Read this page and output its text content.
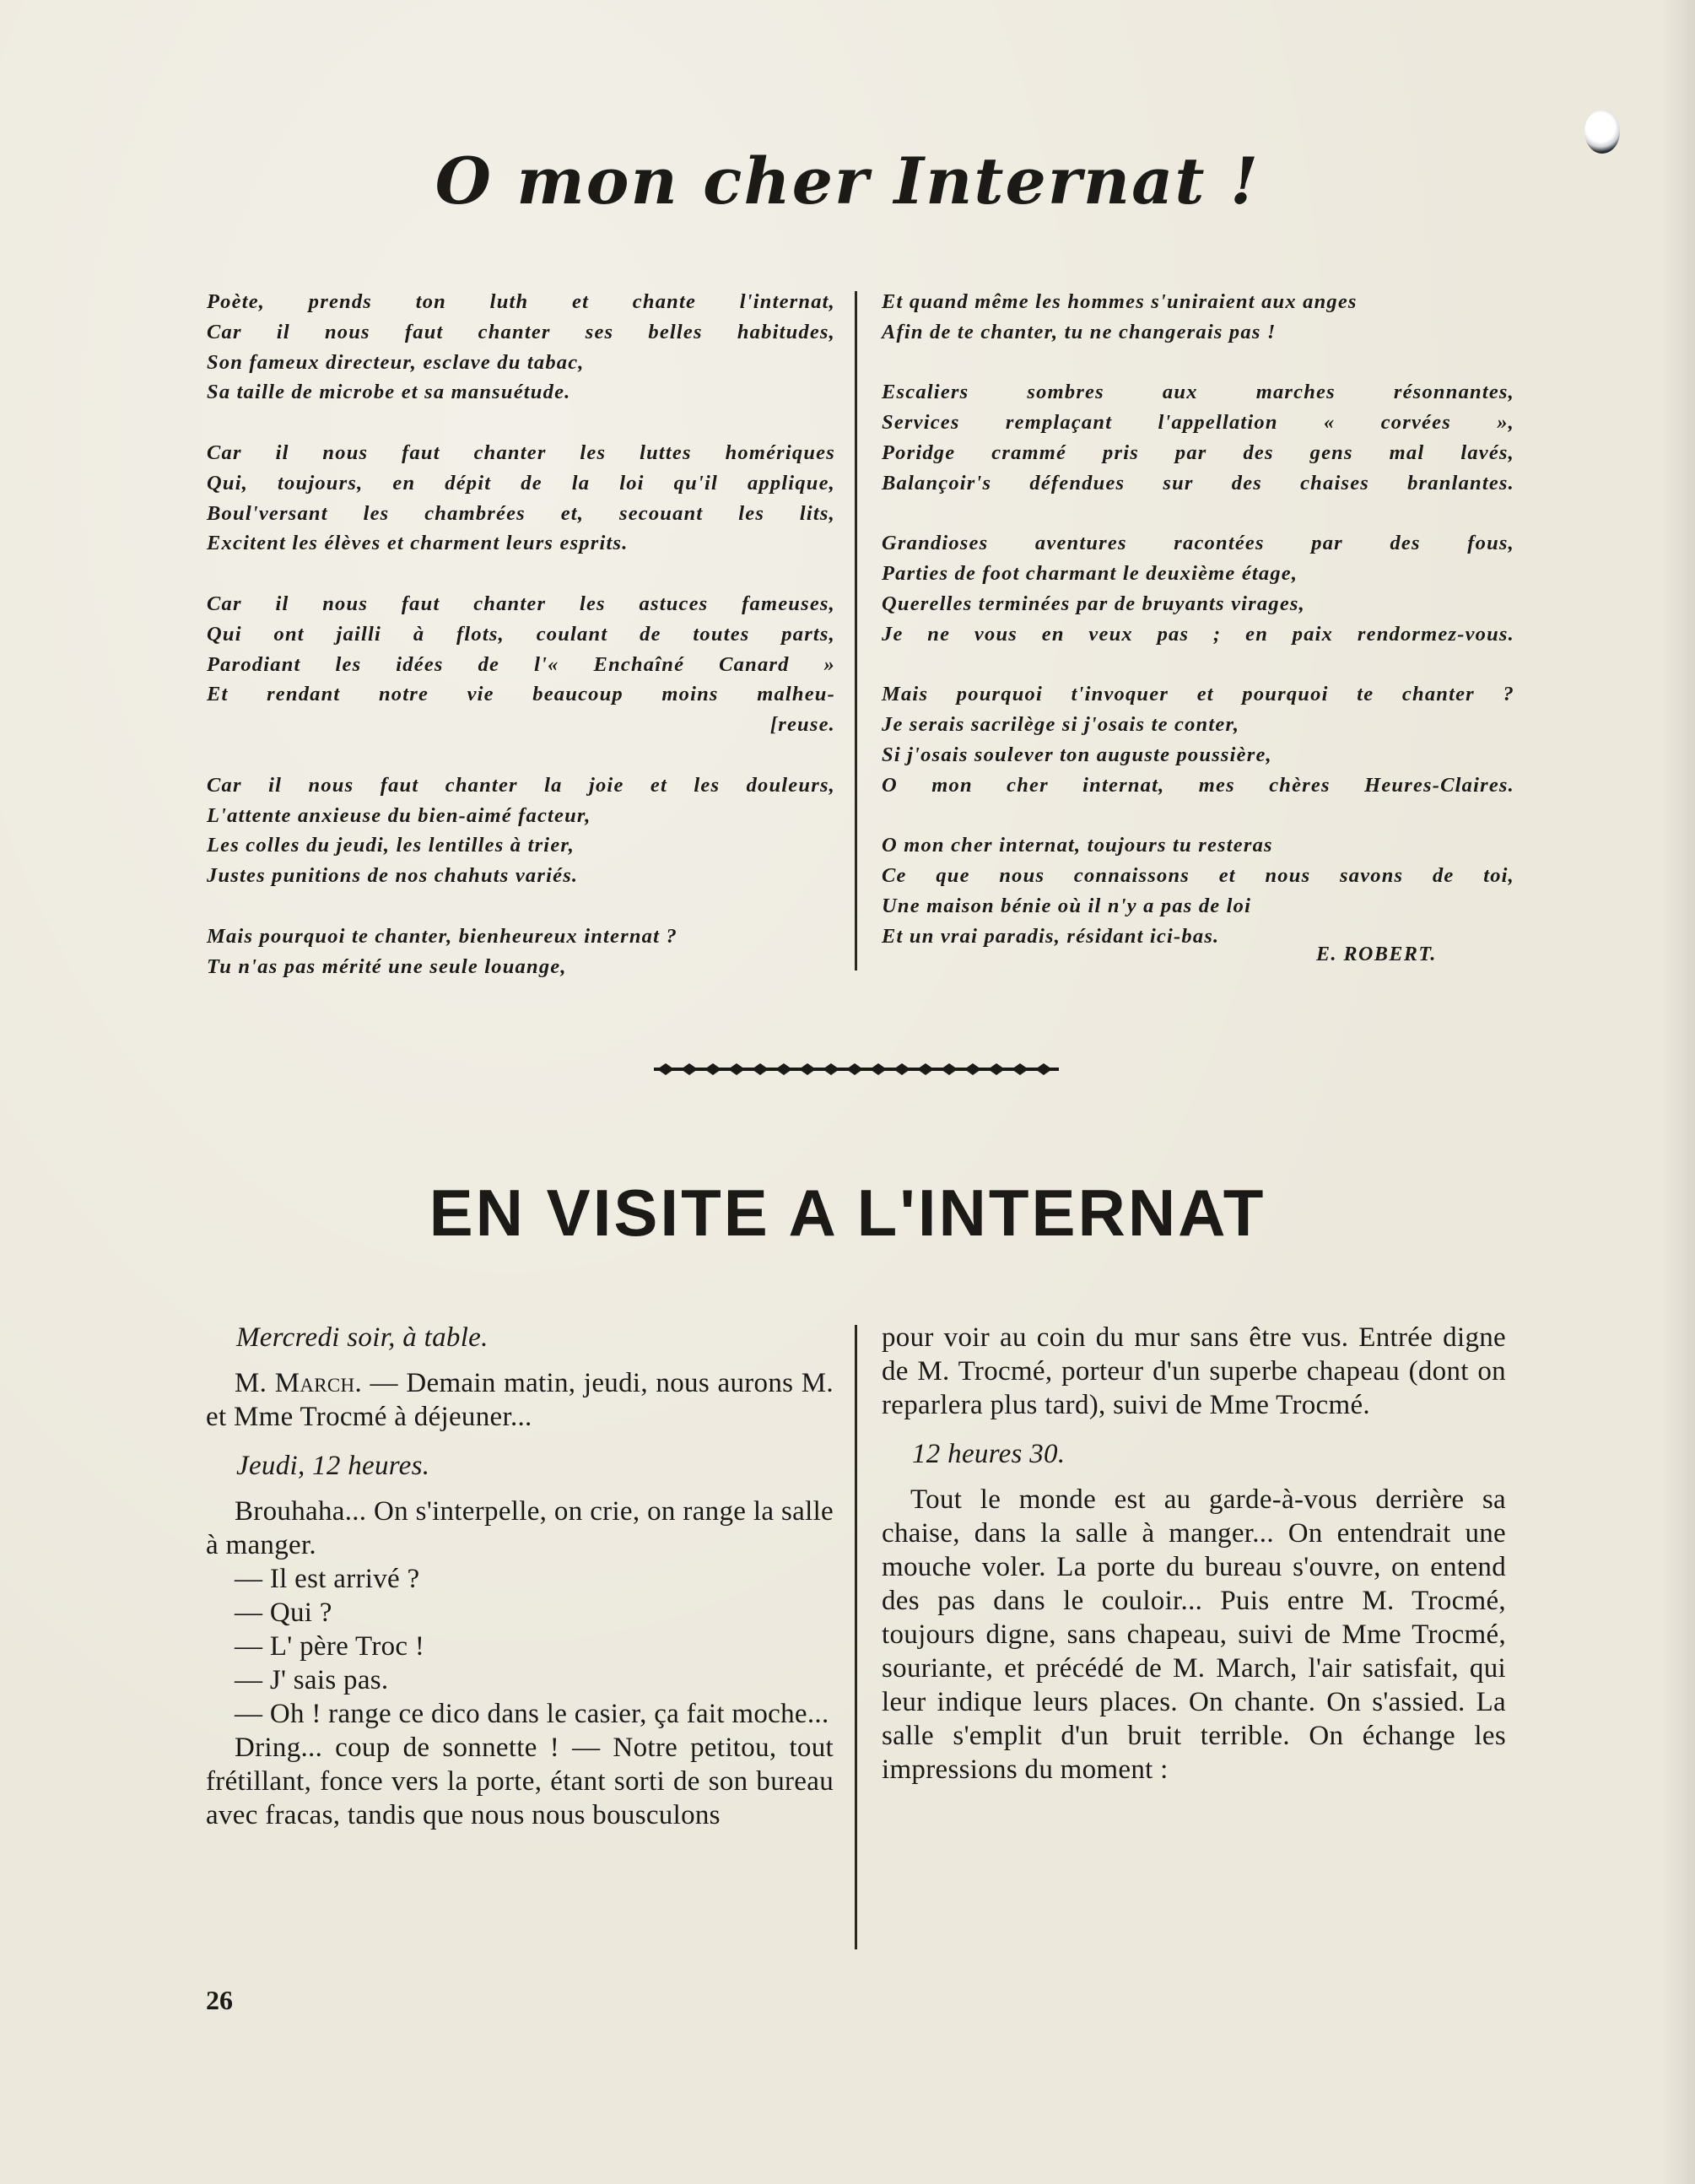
O mon cher Internat !
Poète, prends ton luth et chante l'internat,
Car il nous faut chanter ses belles habitudes,
Son fameux directeur, esclave du tabac,
Sa taille de microbe et sa mansuétude.
Car il nous faut chanter les luttes homériques
Qui, toujours, en dépit de la loi qu'il applique,
Boul'versant les chambrées et, secouant les lits,
Excitent les élèves et charment leurs esprits.
Car il nous faut chanter les astuces fameuses,
Qui ont jailli à flots, coulant de toutes parts,
Parodiant les idées de l'« Enchaîné Canard »
Et rendant notre vie beaucoup moins malheu-
[reuse.
Car il nous faut chanter la joie et les douleurs,
L'attente anxieuse du bien-aimé facteur,
Les colles du jeudi, les lentilles à trier,
Justes punitions de nos chahuts variés.
Mais pourquoi te chanter, bienheureux internat ?
Tu n'as pas mérité une seule louange,
Et quand même les hommes s'uniraient aux anges
Afin de te chanter, tu ne changerais pas !
Escaliers sombres aux marches résonnantes,
Services remplaçant l'appellation « corvées »,
Poridge crammé pris par des gens mal lavés,
Balançoir's défendues sur des chaises branlantes.
Grandioses aventures racontées par des fous,
Parties de foot charmant le deuxième étage,
Querelles terminées par de bruyants virages,
Je ne vous en veux pas ; en paix rendormez-vous.
Mais pourquoi t'invoquer et pourquoi te chanter ?
Je serais sacrilège si j'osais te conter,
Si j'osais soulever ton auguste poussière,
O mon cher internat, mes chères Heures-Claires.
O mon cher internat, toujours tu resteras
Ce que nous connaissons et nous savons de toi,
Une maison bénie où il n'y a pas de loi
Et un vrai paradis, résidant ici-bas.
E. ROBERT.
EN VISITE A L'INTERNAT

Mercredi soir, à table.

M. March. — Demain matin, jeudi, nous aurons M. et Mme Trocmé à déjeuner...

Jeudi, 12 heures.

Brouhaha... On s'interpelle, on crie, on range la salle à manger.

— Il est arrivé ?

— Qui ?

— L' père Troc !

— J' sais pas.

— Oh ! range ce dico dans le casier, ça fait moche...

Dring... coup de sonnette ! — Notre petitou, tout frétillant, fonce vers la porte, étant sorti de son bureau avec fracas, tandis que nous nous bousculons

pour voir au coin du mur sans être vus. Entrée digne de M. Trocmé, porteur d'un superbe chapeau (dont on reparlera plus tard), suivi de Mme Trocmé.

12 heures 30.

Tout le monde est au garde-à-vous derrière sa chaise, dans la salle à manger... On entendrait une mouche voler. La porte du bureau s'ouvre, on entend des pas dans le couloir... Puis entre M. Trocmé, toujours digne, sans chapeau, suivi de Mme Trocmé, souriante, et précédé de M. March, l'air satisfait, qui leur indique leurs places. On chante. On s'assied. La salle s'emplit d'un bruit terrible. On échange les impressions du moment :

26
